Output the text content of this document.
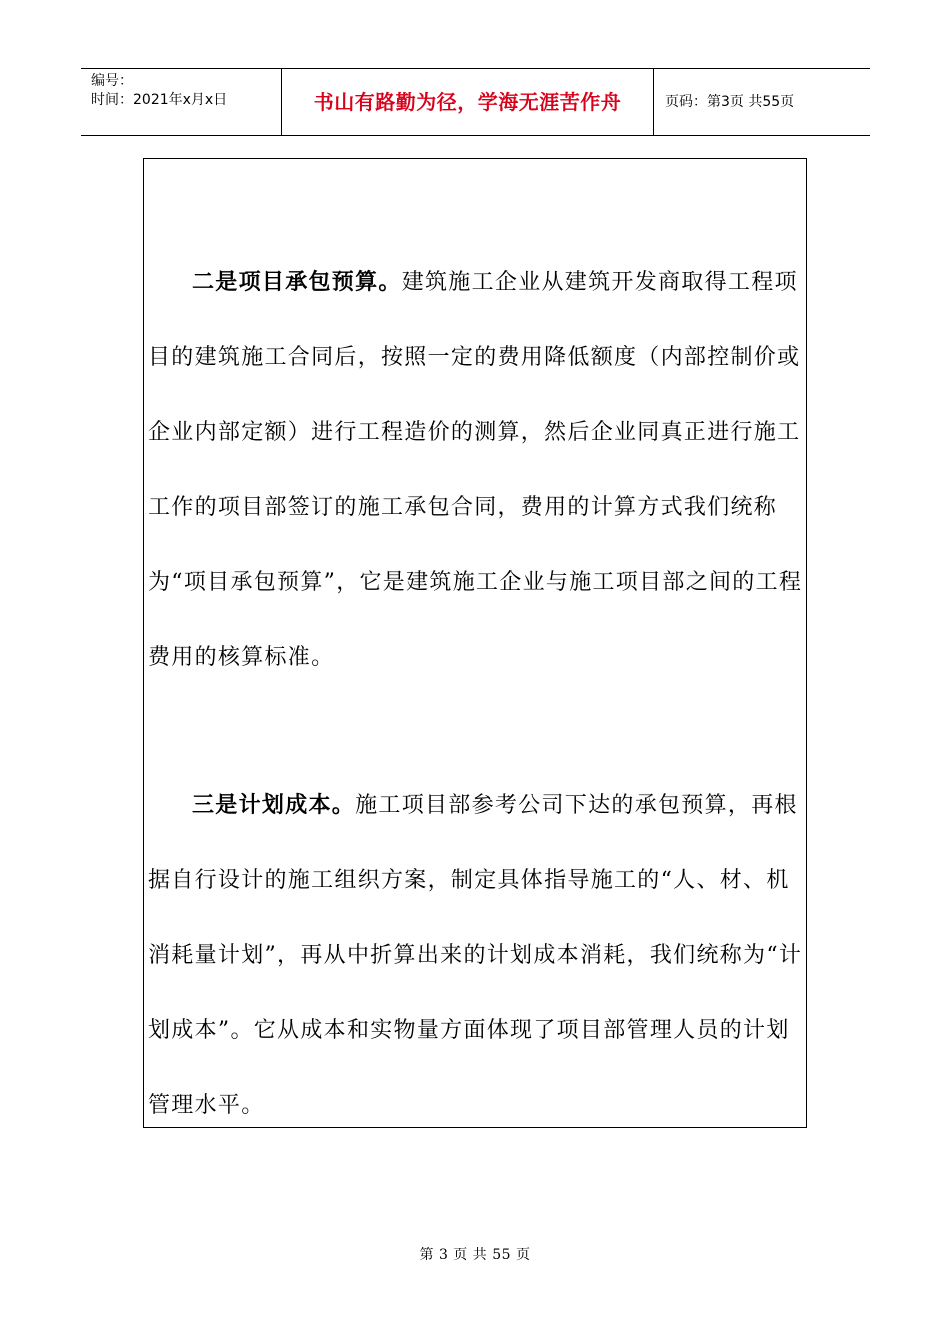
编号：
时间：2021年x月x日	书山有路勤为径，学海无涯苦作舟	页码：第3页 共55页

二是项目承包预算。建筑施工企业从建筑开发商取得工程项目的建筑施工合同后，按照一定的费用降低额度（内部控制价或企业内部定额）进行工程造价的测算，然后企业同真正进行施工工作的项目部签订的施工承包合同，费用的计算方式我们统称为“项目承包预算”，它是建筑施工企业与施工项目部之间的工程费用的核算标准。

三是计划成本。施工项目部参考公司下达的承包预算，再根据自行设计的施工组织方案，制定具体指导施工的“人、材、机消耗量计划”，再从中折算出来的计划成本消耗，我们统称为“计划成本”。它从成本和实物量方面体现了项目部管理人员的计划管理水平。

第 3 页 共 55 页
